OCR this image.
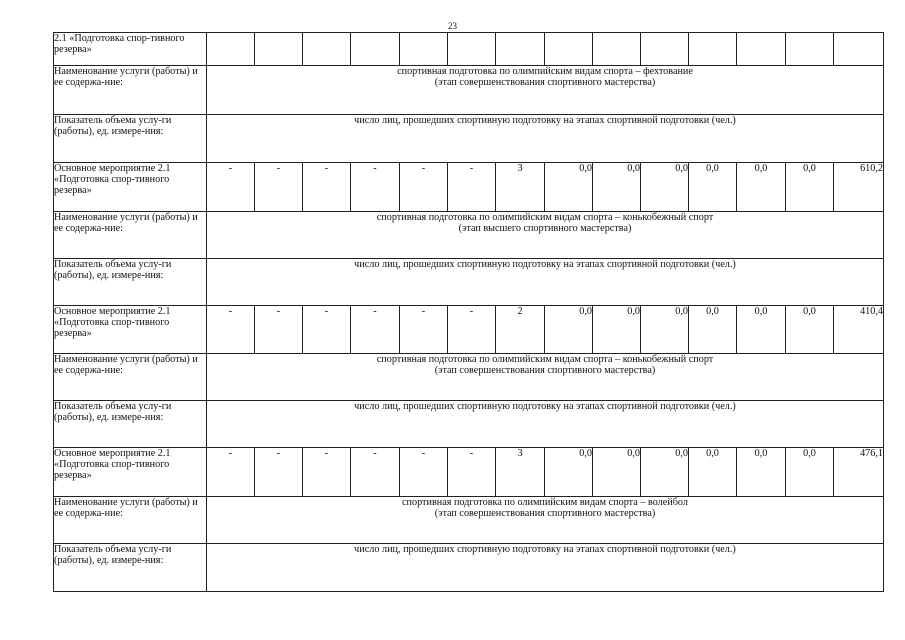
23
2.1 «Подготовка спор-тивного резерва»														
Наименование услуги (работы) и ее содержа-ние:	спортивная подготовка по олимпийским видам спорта – фехтование
(этап совершенствования спортивного мастерства)													

Показатель объема услу-ги (работы), ед. измере-ния:	число лиц, прошедших спортивную подготовку на этапах спортивной подготовки (чел.)													
Основное мероприятие 2.1 «Подготовка спор-тивного резерва»	-	-	-	-	-	-	3	0,0	0,0	0,0	0,0	0,0	0,0	610,2
Наименование услуги (работы) и ее содержа-ние:	спортивная подготовка по олимпийским видам спорта – конькобежный спорт
(этап высшего спортивного мастерства)													

Показатель объема услу-ги (работы), ед. измере-ния:	число лиц, прошедших спортивную подготовку на этапах спортивной подготовки (чел.)													
Основное мероприятие 2.1 «Подготовка спор-тивного резерва»	-	-	-	-	-	-	2	0,0	0,0	0,0	0,0	0,0	0,0	410,4
Наименование услуги (работы) и ее содержа-ние:	спортивная подготовка по олимпийским видам спорта – конькобежный спорт
(этап совершенствования спортивного мастерства)													

Показатель объема услу-ги (работы), ед. измере-ния:	число лиц, прошедших спортивную подготовку на этапах спортивной подготовки (чел.)													
Основное мероприятие 2.1 «Подготовка спор-тивного резерва»	-	-	-	-	-	-	3	0,0	0,0	0,0	0,0	0,0	0,0	476,1
Наименование услуги (работы) и ее содержа-ние:	спортивная подготовка по олимпийским видам спорта – волейбол
(этап совершенствования спортивного мастерства)													

Показатель объема услу-ги (работы), ед. измере-ния:	число лиц, прошедших спортивную подготовку на этапах спортивной подготовки (чел.)													
